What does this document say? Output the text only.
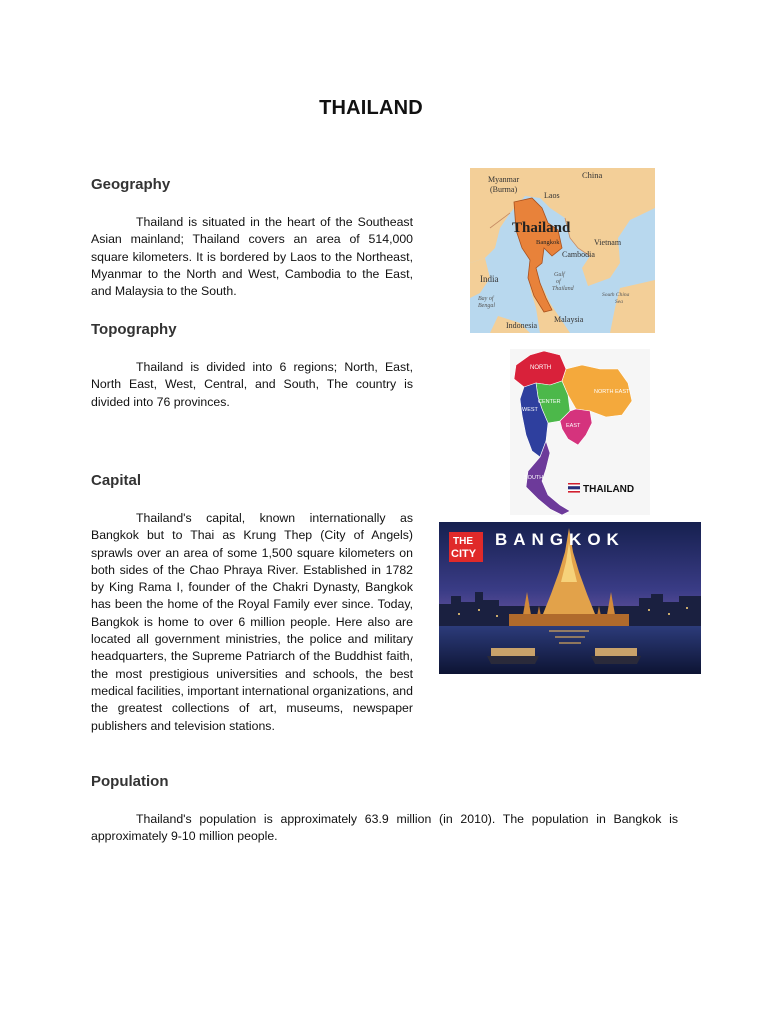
THAILAND
Geography
Thailand is situated in the heart of the Southeast Asian mainland; Thailand covers an area of 514,000 square kilometers. It is bordered by Laos to the Northeast, Myanmar to the North and West, Cambodia to the East, and Malaysia to the South.
Topography
Thailand is divided into 6 regions; North, East, North East, West, Central, and South, The country is divided into 76 provinces.
Capital
Thailand's capital, known internationally as Bangkok but to Thai as Krung Thep (City of Angels) sprawls over an area of some 1,500 square kilometers on both sides of the Chao Phraya River. Established in 1782 by King Rama I, founder of the Chakri Dynasty, Bangkok has been the home of the Royal Family ever since. Today, Bangkok is home to over 6 million people. Here also are located all government ministries, the police and military headquarters, the Supreme Patriarch of the Buddhist faith, the most prestigious universities and schools, the best medical facilities, important international organizations, and the greatest collections of art, museums, newspaper publishers and television stations.
Population
Thailand's population is approximately 63.9 million (in 2010). The population in Bangkok is approximately 9-10 million people.
Myanmar
(Burma)
China
Laos
Thailand
Bangkok	Vietnam
Cambodia
India	Gulf
of
Thailand
Bay of
Bengal
South China
Sea
Malaysia
Indonesia
NORTH
NORTH EAST
CENTER
WEST
EAST
SOUTH
THAILAND
THE
CITY
BANGKOK
